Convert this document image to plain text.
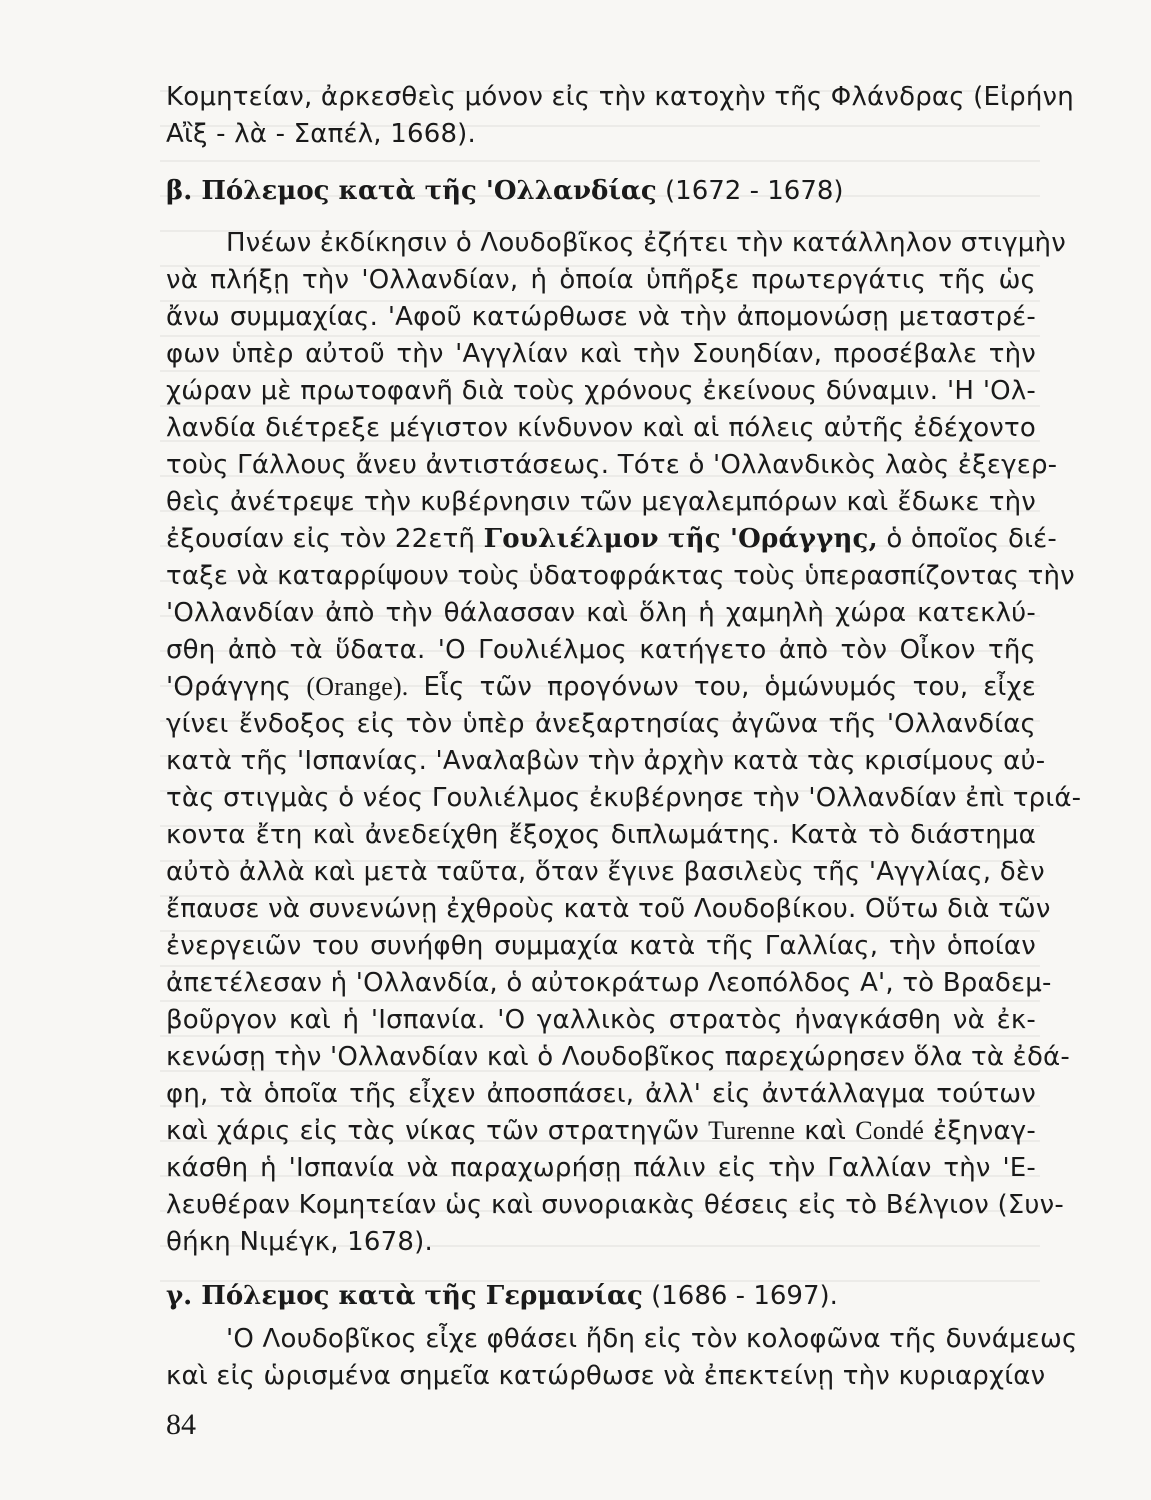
Κομητείαν, ἀρκεσθεὶς μόνον εἰς τὴν κατοχὴν τῆς Φλάνδρας (Εἰρήνη
Αἲξ - λὰ - Σαπέλ, 1668).
β. Πόλεμος κατὰ τῆς 'Ολλανδίας (1672 - 1678)
Πνέων ἐκδίκησιν ὁ Λουδοβῖκος ἐζήτει τὴν κατάλληλον στιγμὴν
νὰ πλήξῃ τὴν 'Ολλανδίαν, ἡ ὁποία ὑπῆρξε πρωτεργάτις τῆς ὡς
ἄνω συμμαχίας. 'Αφοῦ κατώρθωσε νὰ τὴν ἀπομονώσῃ μεταστρέ-
φων ὑπὲρ αὐτοῦ τὴν 'Αγγλίαν καὶ τὴν Σουηδίαν, προσέβαλε τὴν
χώραν μὲ πρωτοφανῆ διὰ τοὺς χρόνους ἐκείνους δύναμιν. 'Η 'Ολ-
λανδία διέτρεξε μέγιστον κίνδυνον καὶ αἱ πόλεις αὐτῆς ἐδέχοντο
τοὺς Γάλλους ἄνευ ἀντιστάσεως. Τότε ὁ 'Ολλανδικὸς λαὸς ἐξεγερ-
θεὶς ἀνέτρεψε τὴν κυβέρνησιν τῶν μεγαλεμπόρων καὶ ἔδωκε τὴν
ἐξουσίαν εἰς τὸν 22ετῆ Γουλιέλμον τῆς 'Οράγγης, ὁ ὁποῖος διέ-
ταξε νὰ καταρρίψουν τοὺς ὑδατοφράκτας τοὺς ὑπερασπίζοντας τὴν
'Ολλανδίαν ἀπὸ τὴν θάλασσαν καὶ ὅλη ἡ χαμηλὴ χώρα κατεκλύ-
σθη ἀπὸ τὰ ὕδατα. 'Ο Γουλιέλμος κατήγετο ἀπὸ τὸν Οἶκον τῆς
'Οράγγης (Orange). Εἷς τῶν προγόνων του, ὁμώνυμός του, εἶχε
γίνει ἔνδοξος εἰς τὸν ὑπὲρ ἀνεξαρτησίας ἀγῶνα τῆς 'Ολλανδίας
κατὰ τῆς 'Ισπανίας. 'Αναλαβὼν τὴν ἀρχὴν κατὰ τὰς κρισίμους αὐ-
τὰς στιγμὰς ὁ νέος Γουλιέλμος ἐκυβέρνησε τὴν 'Ολλανδίαν ἐπὶ τριά-
κοντα ἔτη καὶ ἀνεδείχθη ἔξοχος διπλωμάτης. Κατὰ τὸ διάστημα
αὐτὸ ἀλλὰ καὶ μετὰ ταῦτα, ὅταν ἔγινε βασιλεὺς τῆς 'Αγγλίας, δὲν
ἔπαυσε νὰ συνενώνῃ ἐχθροὺς κατὰ τοῦ Λουδοβίκου. Οὕτω διὰ τῶν
ἐνεργειῶν του συνήφθη συμμαχία κατὰ τῆς Γαλλίας, τὴν ὁποίαν
ἀπετέλεσαν ἡ 'Ολλανδία, ὁ αὐτοκράτωρ Λεοπόλδος Α', τὸ Βραδεμ-
βοῦργον καὶ ἡ 'Ισπανία. 'Ο γαλλικὸς στρατὸς ἠναγκάσθη νὰ ἐκ-
κενώσῃ τὴν 'Ολλανδίαν καὶ ὁ Λουδοβῖκος παρεχώρησεν ὅλα τὰ ἐδά-
φη, τὰ ὁποῖα τῆς εἶχεν ἀποσπάσει, ἀλλ' εἰς ἀντάλλαγμα τούτων
καὶ χάρις εἰς τὰς νίκας τῶν στρατηγῶν Turenne καὶ Condé ἐξηναγ-
κάσθη ἡ 'Ισπανία νὰ παραχωρήσῃ πάλιν εἰς τὴν Γαλλίαν τὴν 'Ε-
λευθέραν Κομητείαν ὡς καὶ συνοριακὰς θέσεις εἰς τὸ Βέλγιον (Συν-
θήκη Νιμέγκ, 1678).
γ. Πόλεμος κατὰ τῆς Γερμανίας (1686 - 1697).
'Ο Λουδοβῖκος εἶχε φθάσει ἤδη εἰς τὸν κολοφῶνα τῆς δυνάμεως
καὶ εἰς ὡρισμένα σημεῖα κατώρθωσε νὰ ἐπεκτείνῃ τὴν κυριαρχίαν
84
